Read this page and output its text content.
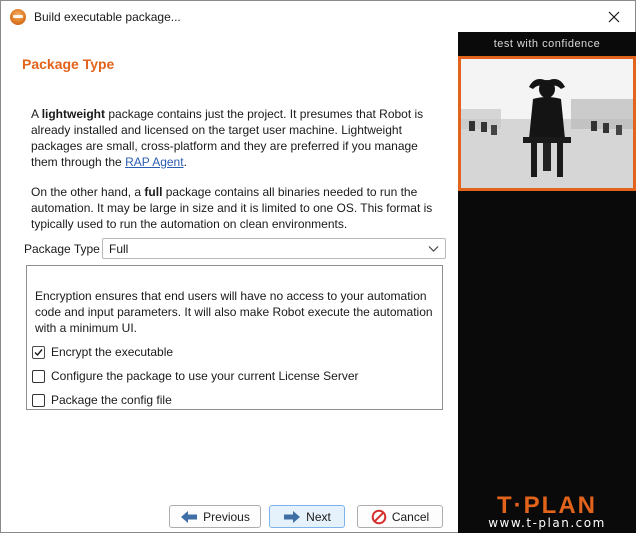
Build executable package...
Package Type

A lightweight package contains just the project. It presumes that Robot is already installed and licensed on the target user machine. Lightweight packages are small, cross-platform and they are preferred if you manage them through the RAP Agent.

On the other hand, a full package contains all binaries needed to run the automation. It may be large in size and it is limited to one OS. This format is typically used to run the automation on clean environments.

Package Type Full
Encryption ensures that end users will have no access to your automation code and input parameters. It will also make Robot execute the automation with a minimum UI.
Encrypt the executable
Configure the package to use your current License Server
Package the config file
Previous	Next	Cancel
test with confidence
T·PLAN
www.t-plan.com
